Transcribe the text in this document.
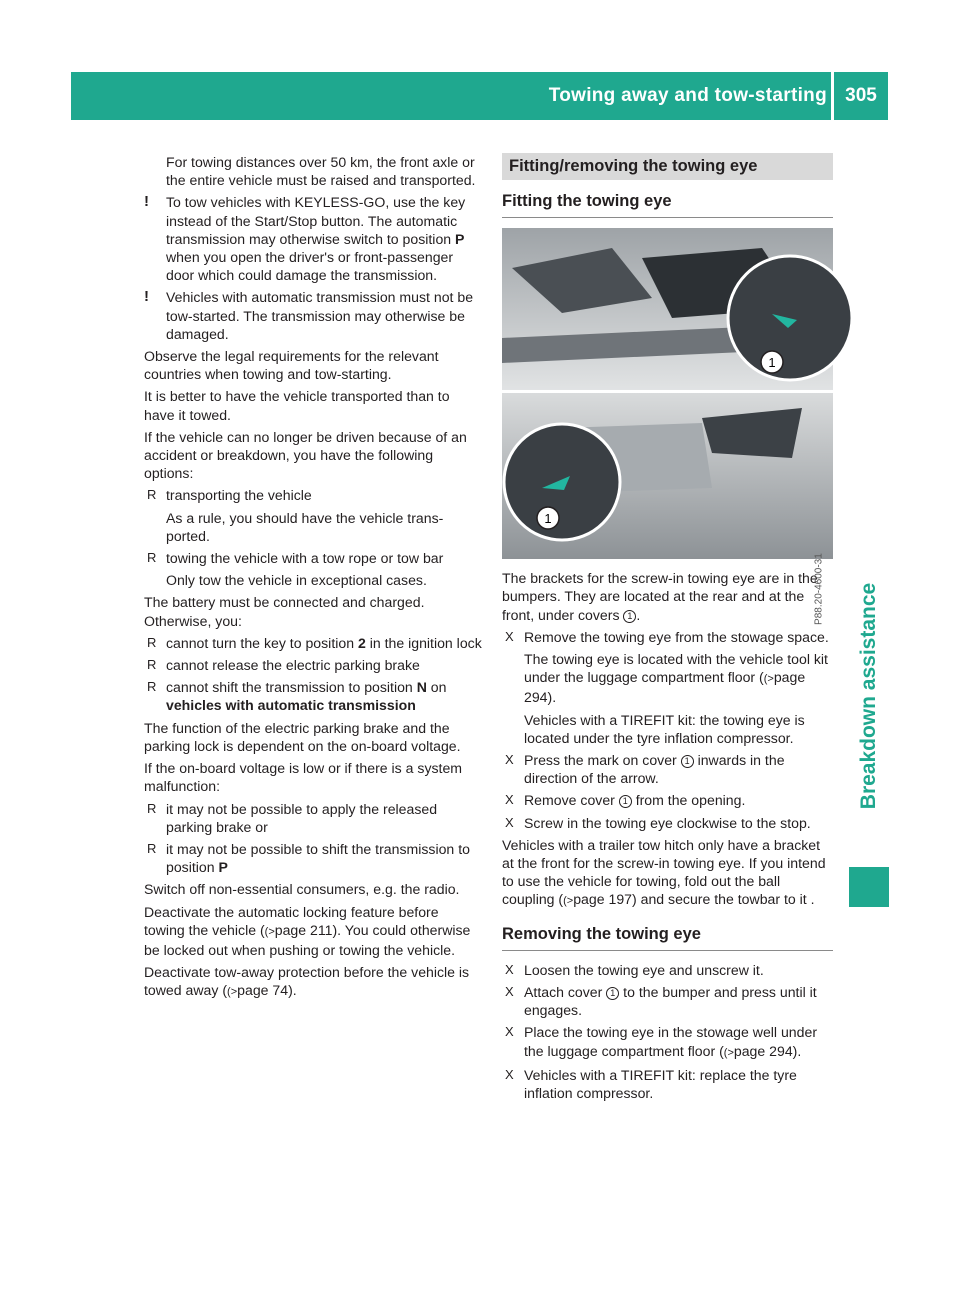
Towing away and tow-starting 305
Breakdown assistance

For towing distances over 50 km, the front axle or the entire vehicle must be raised and transported.

! To tow vehicles with KEYLESS-GO, use the key instead of the Start/Stop button. The automatic transmission may otherwise switch to position P when you open the driver's or front-passenger door which could damage the transmission.
! Vehicles with automatic transmission must not be tow-started. The transmission may otherwise be damaged.

Observe the legal requirements for the relevant countries when towing and tow-starting.

It is better to have the vehicle transported than to have it towed.

If the vehicle can no longer be driven because of an accident or breakdown, you have the following options:

R transporting the vehicle

As a rule, you should have the vehicle transported.

R towing the vehicle with a tow rope or tow bar

Only tow the vehicle in exceptional cases.

The battery must be connected and charged. Otherwise, you:

R cannot turn the key to position 2 in the ignition lock
R cannot release the electric parking brake
R cannot shift the transmission to position N on
vehicles with automatic transmission

The function of the electric parking brake and the parking lock is dependent on the on-board voltage.

If the on-board voltage is low or if there is a system malfunction:

R it may not be possible to apply the released parking brake or
R it may not be possible to shift the transmission to position P

Switch off non-essential consumers, e.g. the radio.

Deactivate the automatic locking feature before towing the vehicle ((>page 211). You could otherwise be locked out when pushing or towing the vehicle.

Deactivate tow-away protection before the vehicle is towed away ((>page 74).

Fitting/removing the towing eye
Fitting the towing eye
1
1
P88.20-4600-31

The brackets for the screw-in towing eye are in the bumpers. They are located at the rear and at the front, under covers 1 .

X Remove the towing eye from the stowage space.

The towing eye is located with the vehicle tool kit under the luggage compartment floor ((>page 294).

Vehicles with a TIREFIT kit: the towing eye is located under the tyre inflation compressor.

X Press the mark on cover 1 inwards in the direction of the arrow.
X Remove cover 1 from the opening.
X Screw in the towing eye clockwise to the stop.

Vehicles with a trailer tow hitch only have a bracket at the front for the screw-in towing eye. If you intend to use the vehicle for towing, fold out the ball coupling ((>page 197) and secure the towbar to it .

Removing the towing eye
X Loosen the towing eye and unscrew it.
X Attach cover 1 to the bumper and press until it engages.
X Place the towing eye in the stowage well under the luggage compartment floor ((>page 294).
X Vehicles with a TIREFIT kit: replace the tyre inflation compressor.
